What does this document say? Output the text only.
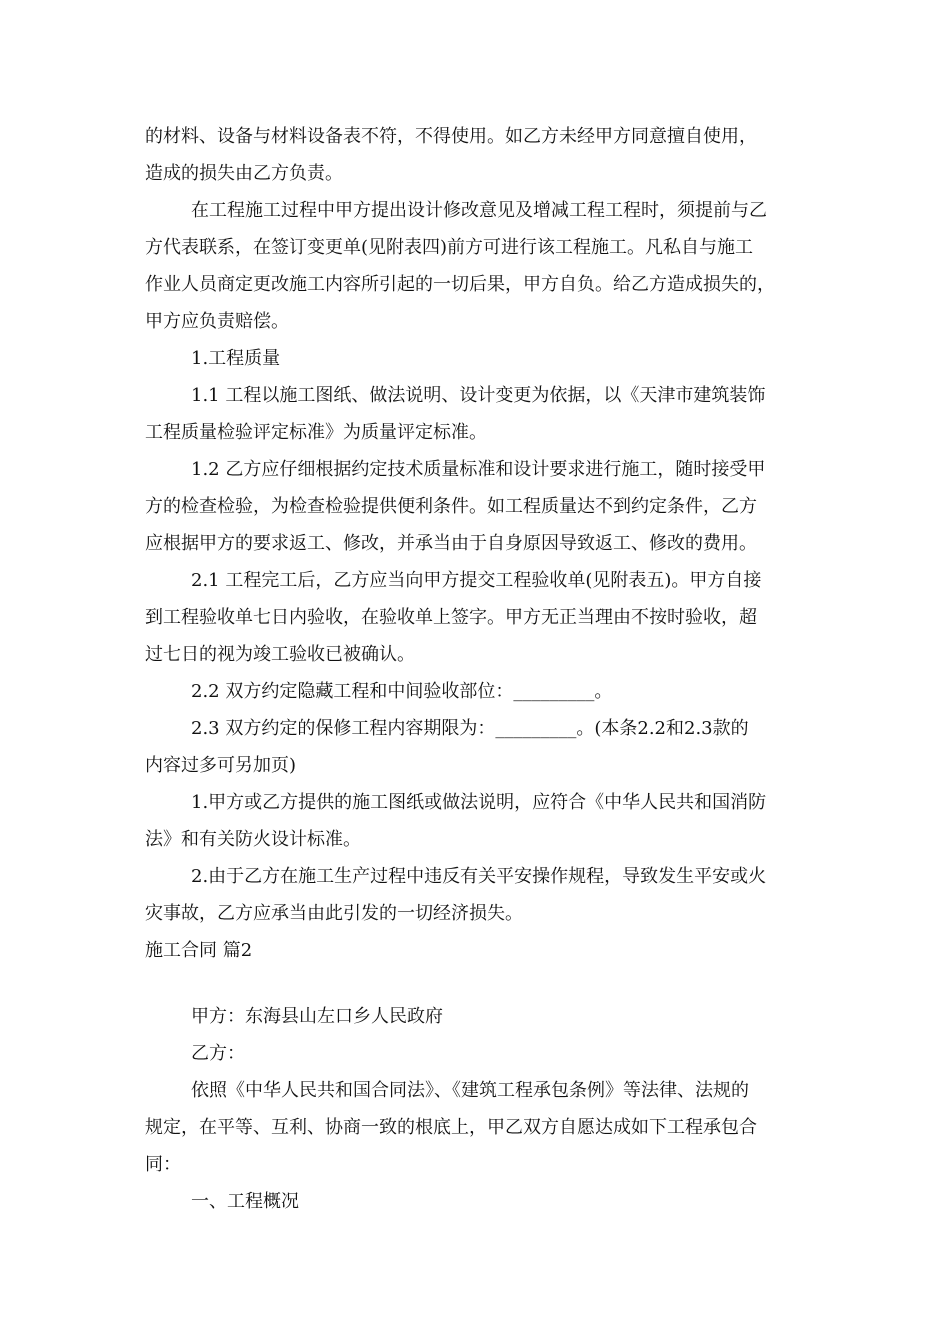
的材料、设备与材料设备表不符，不得使用。如乙方未经甲方同意擅自使用，
造成的损失由乙方负责。
在工程施工过程中甲方提出设计修改意见及增减工程工程时，须提前与乙
方代表联系，在签订变更单(见附表四)前方可进行该工程施工。凡私自与施工
作业人员商定更改施工内容所引起的一切后果，甲方自负。给乙方造成损失的，
甲方应负责赔偿。
1.工程质量
1.1 工程以施工图纸、做法说明、设计变更为依据，以《天津市建筑装饰
工程质量检验评定标准》为质量评定标准。
1.2 乙方应仔细根据约定技术质量标准和设计要求进行施工，随时接受甲
方的检查检验，为检查检验提供便利条件。如工程质量达不到约定条件，乙方
应根据甲方的要求返工、修改，并承当由于自身原因导致返工、修改的费用。
2.1 工程完工后，乙方应当向甲方提交工程验收单(见附表五)。甲方自接
到工程验收单七日内验收，在验收单上签字。甲方无正当理由不按时验收，超
过七日的视为竣工验收已被确认。
2.2 双方约定隐藏工程和中间验收部位：_________。
2.3 双方约定的保修工程内容期限为：_________。(本条2.2和2.3款的
内容过多可另加页)
1.甲方或乙方提供的施工图纸或做法说明，应符合《中华人民共和国消防
法》和有关防火设计标准。
2.由于乙方在施工生产过程中违反有关平安操作规程，导致发生平安或火
灾事故，乙方应承当由此引发的一切经济损失。
施工合同 篇2
甲方：东海县山左口乡人民政府
乙方：
依照《中华人民共和国合同法》、《建筑工程承包条例》等法律、法规的
规定，在平等、互利、协商一致的根底上，甲乙双方自愿达成如下工程承包合
同：
一、工程概况
